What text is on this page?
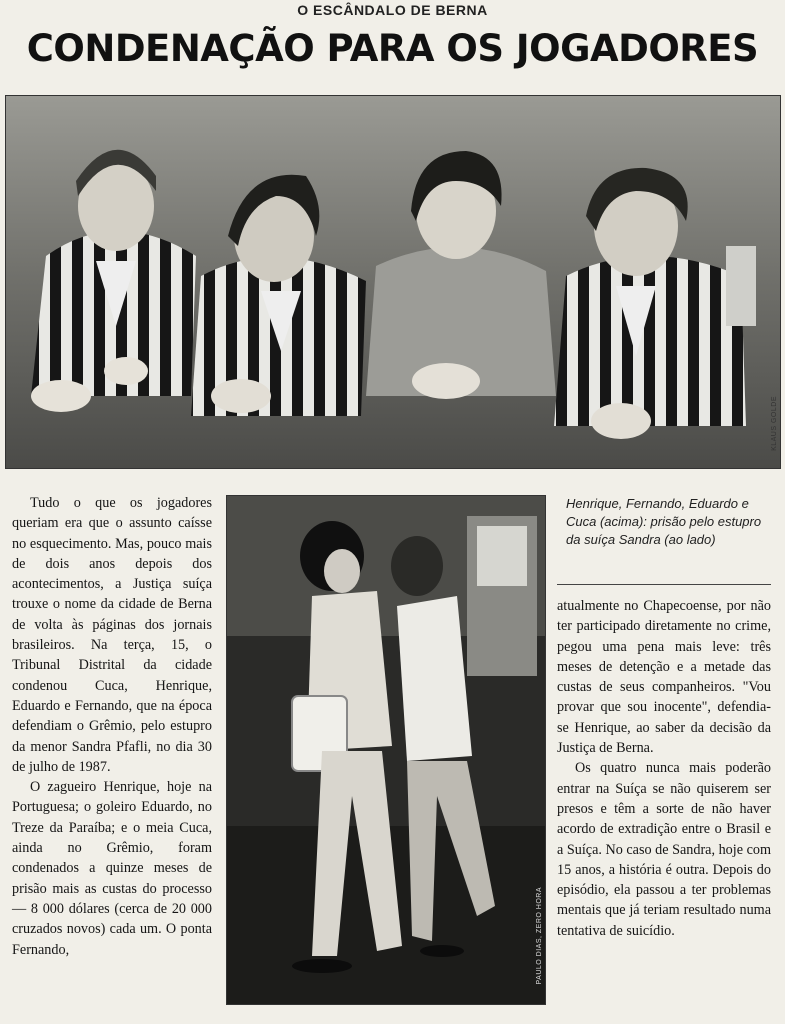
O ESCÂNDALO DE BERNA
CONDENAÇÃO PARA OS JOGADORES
KLAUS GOLDE
PAULO DIAS, ZERO HORA

Tudo o que os jogadores queriam era que o assunto caísse no esquecimento. Mas, pouco mais de dois anos depois dos acontecimentos, a Justiça suíça trouxe o nome da cidade de Berna de volta às páginas dos jornais brasileiros. Na terça, 15, o Tribunal Distrital da cidade condenou Cuca, Henrique, Eduardo e Fernando, que na época defendiam o Grêmio, pelo estupro da menor Sandra Pfafli, no dia 30 de julho de 1987.

O zagueiro Henrique, hoje na Portuguesa; o goleiro Eduardo, no Treze da Paraíba; e o meia Cuca, ainda no Grêmio, foram condenados a quinze meses de prisão mais as custas do processo — 8 000 dólares (cerca de 20 000 cruzados novos) cada um. O ponta Fernando,

Henrique, Fernando, Eduardo e Cuca (acima): prisão pelo estupro da suíça Sandra (ao lado)

atualmente no Chapecoense, por não ter participado diretamente no crime, pegou uma pena mais leve: três meses de detenção e a metade das custas de seus companheiros. "Vou provar que sou inocente", defendia-se Henrique, ao saber da decisão da Justiça de Berna.

Os quatro nunca mais poderão entrar na Suíça se não quiserem ser presos e têm a sorte de não haver acordo de extradição entre o Brasil e a Suíça. No caso de Sandra, hoje com 15 anos, a história é outra. Depois do episódio, ela passou a ter problemas mentais que já teriam resultado numa tentativa de suicídio.
